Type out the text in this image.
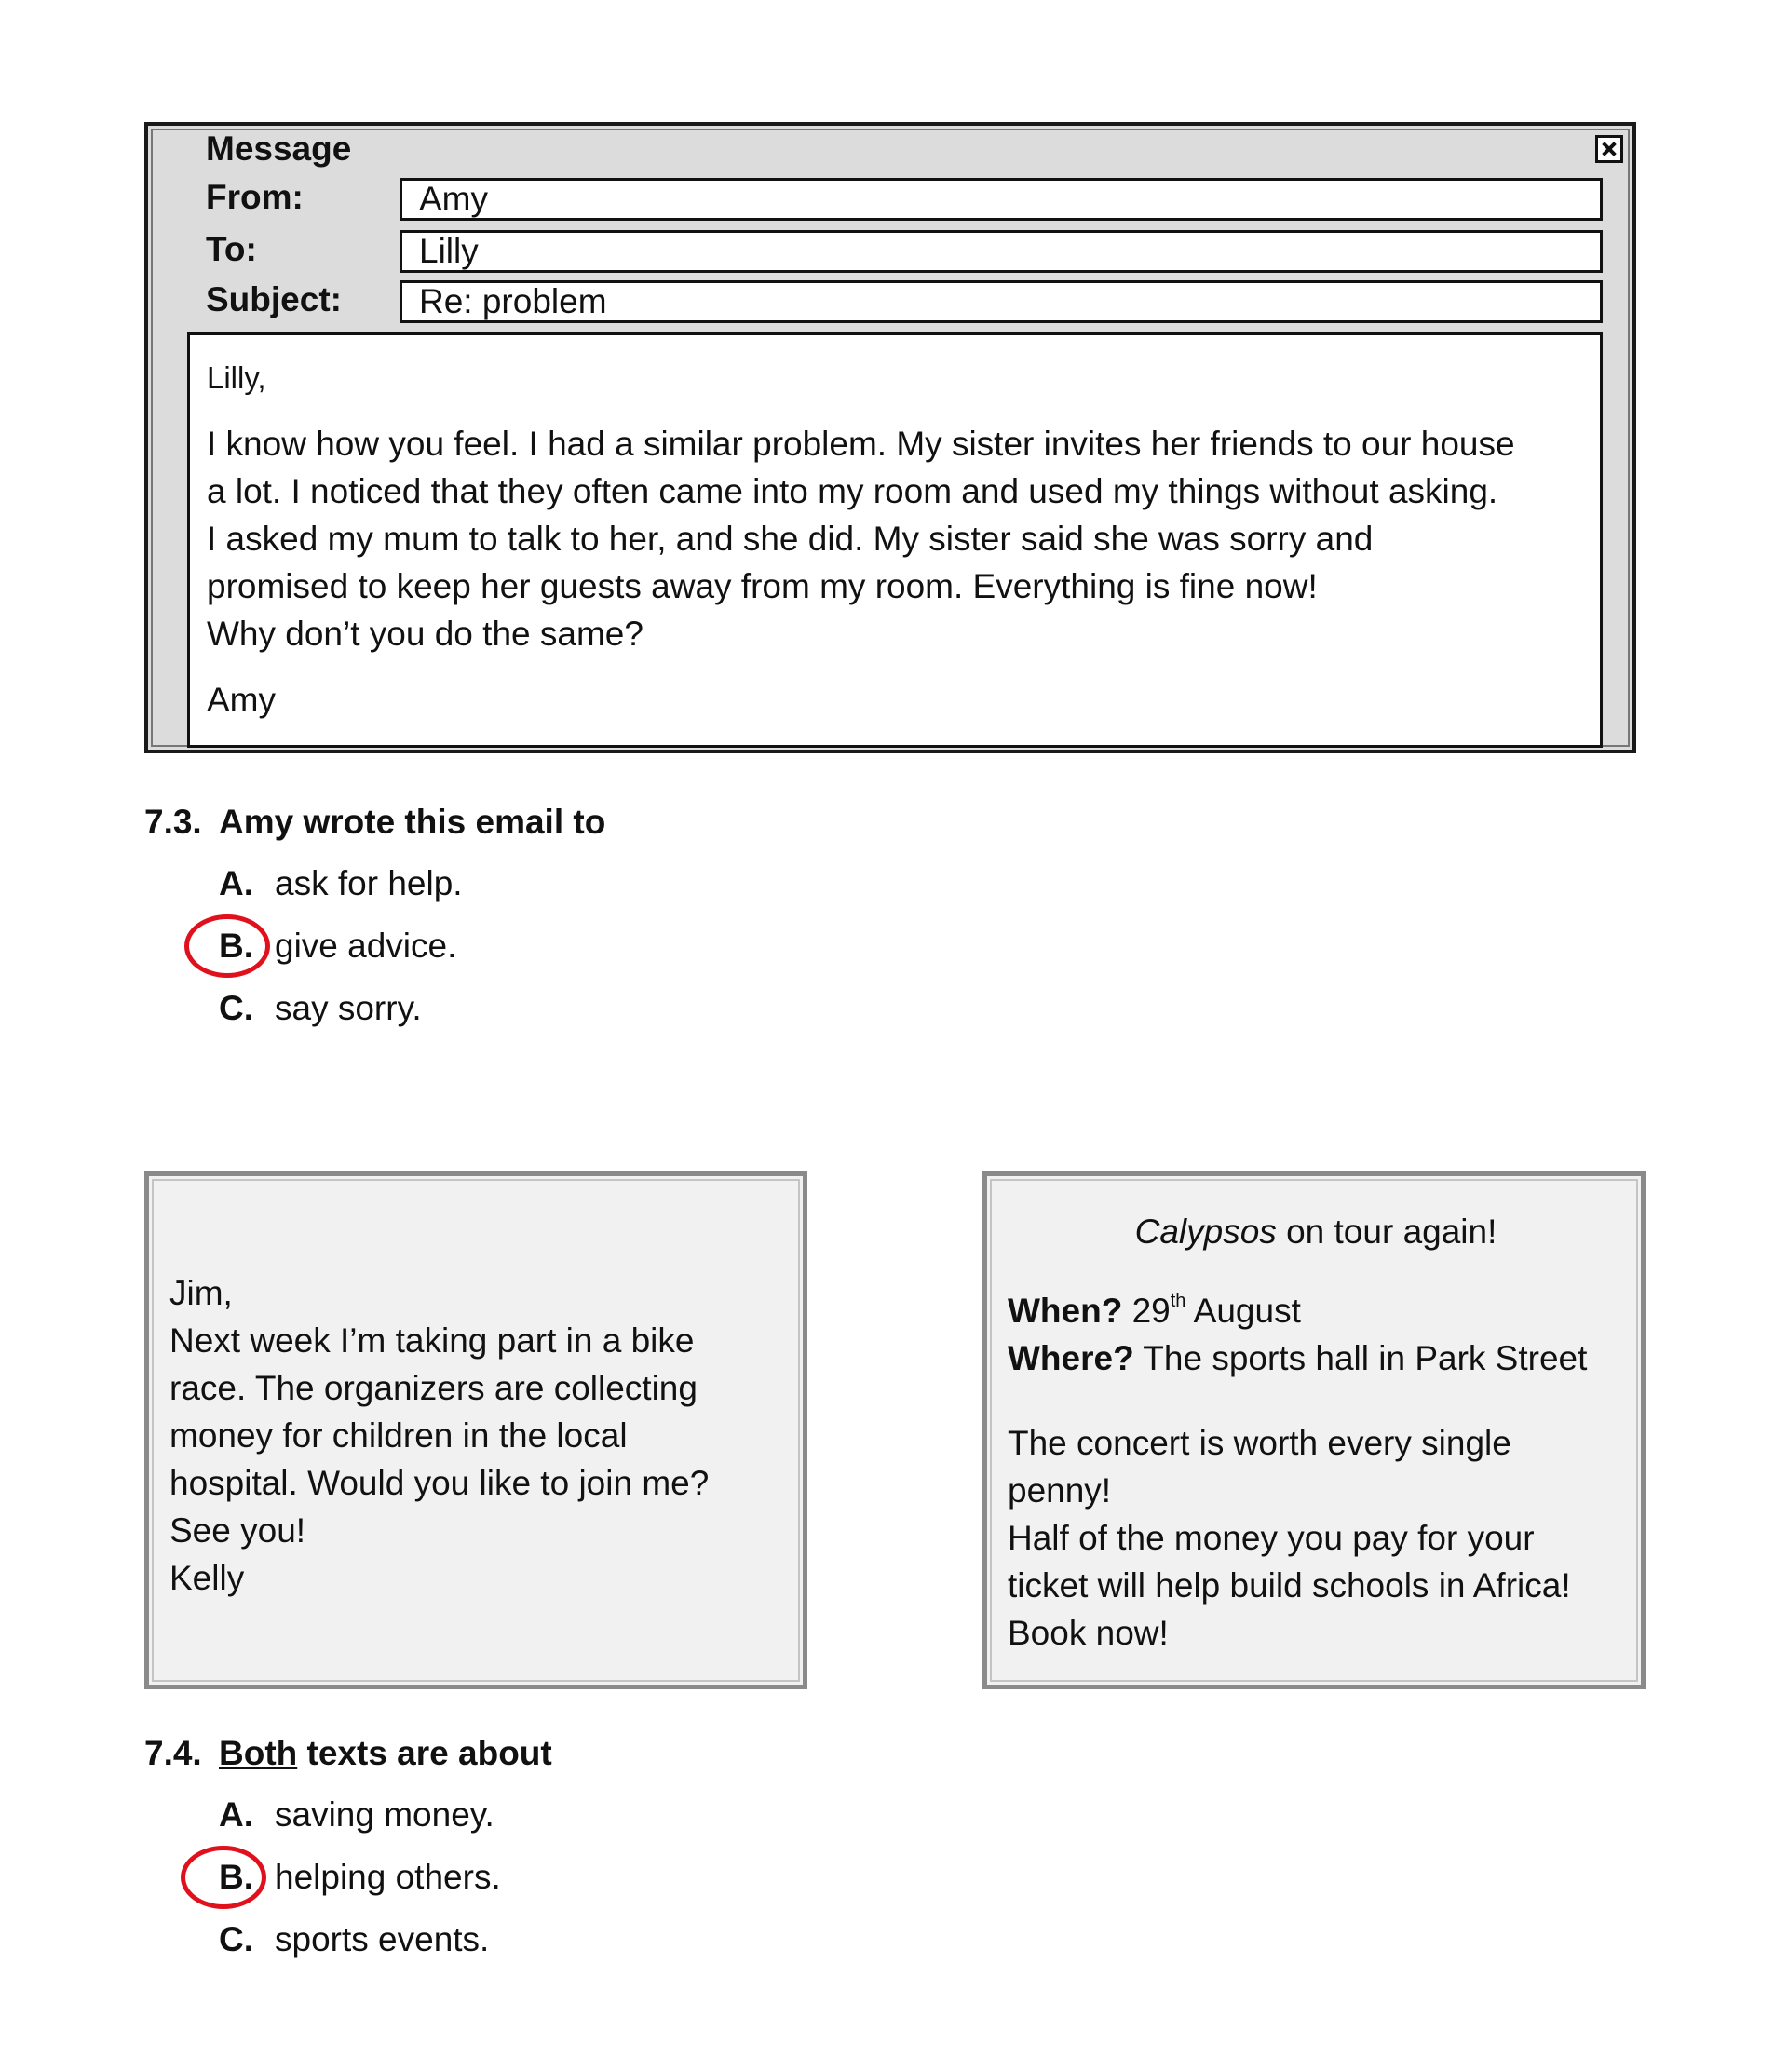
Message
From:	Amy
To:	Lilly
Subject:	Re: problem

Lilly,

I know how you feel. I had a similar problem. My sister invites her friends to our house

a lot. I noticed that they often came into my room and used my things without asking.

I asked my mum to talk to her, and she did. My sister said she was sorry and

promised to keep her guests away from my room. Everything is fine now!

Why don’t you do the same?

Amy

7.3. Amy wrote this email to
A. ask for help.
B. give advice.
C. say sorry.

Jim,

Next week I’m taking part in a bike

race. The organizers are collecting

money for children in the local

hospital. Would you like to join me?

See you!

Kelly

Calypsos on tour again!

When? 29th August

Where? The sports hall in Park Street

The concert is worth every single

penny!

Half of the money you pay for your

ticket will help build schools in Africa!

Book now!

7.4. Both texts are about
A. saving money.
B. helping others.
C. sports events.
